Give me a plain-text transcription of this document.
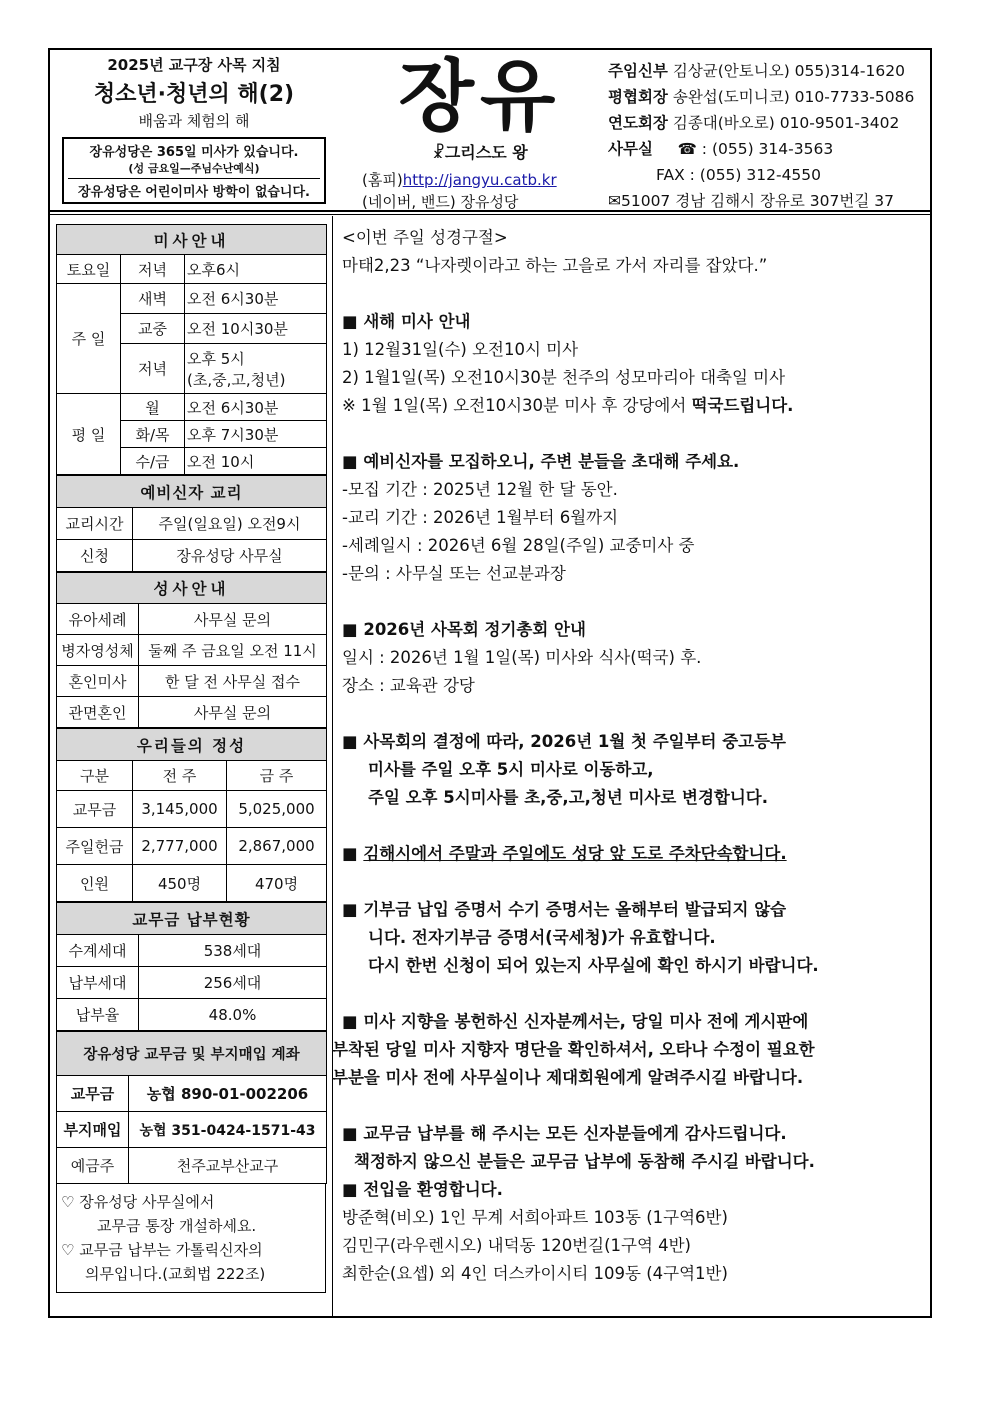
2025년 교구장 사목 지침
청소년·청년의 해(2)
배움과 체험의 해
장유성당은 365일 미사가 있습니다.
(성 금요일—주님수난예식)
장유성당은 어린이미사 방학이 없습니다.
장유
☧그리스도 왕
(홈피)http://jangyu.catb.kr
(네이버, 밴드) 장유성당
주임신부 김상균(안토니오) 055)314-1620
평협회장 송완섭(도미니코) 010-7733-5086
연도회장 김종대(바오로) 010-9501-3402
사무실 ☎ : (055) 314-3563
FAX : (055) 312-4550
✉51007 경남 김해시 장유로 307번길 37
미사안내		
토요일	저녁	오후6시
주 일	새벽	오전 6시30분
	교중	오전 10시30분
	저녁	오후 5시
(초,중,고,청년)

평 일	월	오전 6시30분
	화/목	오후 7시30분
	수/금	오전 10시
예비신자 교리	
교리시간	주일(일요일) 오전9시
신청	장유성당 사무실
성사안내	
유아세례	사무실 문의
병자영성체	둘째 주 금요일 오전 11시
혼인미사	한 달 전 사무실 접수
관면혼인	사무실 문의
우리들의 정성		
구분	전 주	금 주
교무금	3,145,000	5,025,000
주일헌금	2,777,000	2,867,000
인원	450명	470명
교무금 납부현황	
수계세대	538세대
납부세대	256세대
납부율	48.0%
장유성당 교무금 및 부지매입 계좌	
교무금	농협 890-01-002206
부지매입	농협 351-0424-1571-43
예금주	천주교부산교구
♡ 장유성당 사무실에서
교무금 통장 개설하세요.
♡ 교무금 납부는 가톨릭신자의
의무입니다.(교회법 222조)
<이번 주일 성경구절>
마태2,23 “나자렛이라고 하는 고을로 가서 자리를 잡았다.”
■ 새해 미사 안내
1) 12월31일(수) 오전10시 미사
2) 1월1일(목) 오전10시30분 천주의 성모마리아 대축일 미사
※ 1월 1일(목) 오전10시30분 미사 후 강당에서 떡국드립니다.
■ 예비신자를 모집하오니, 주변 분들을 초대해 주세요.
-모집 기간 : 2025년 12월 한 달 동안.
-교리 기간 : 2026년 1월부터 6월까지
-세례일시 : 2026년 6월 28일(주일) 교중미사 중
-문의 : 사무실 또는 선교분과장
■ 2026년 사목회 정기총회 안내
일시 : 2026년 1월 1일(목) 미사와 식사(떡국) 후.
장소 : 교육관 강당
■ 사목회의 결정에 따라, 2026년 1월 첫 주일부터 중고등부
미사를 주일 오후 5시 미사로 이동하고,
주일 오후 5시미사를 초,중,고,청년 미사로 변경합니다.
■ 김해시에서 주말과 주일에도 성당 앞 도로 주차단속합니다.
■ 기부금 납입 증명서 수기 증명서는 올해부터 발급되지 않습
니다. 전자기부금 증명서(국세청)가 유효합니다.
다시 한번 신청이 되어 있는지 사무실에 확인 하시기 바랍니다.
■ 미사 지향을 봉헌하신 신자분께서는, 당일 미사 전에 게시판에
부착된 당일 미사 지향자 명단을 확인하셔서, 오타나 수정이 필요한
부분을 미사 전에 사무실이나 제대회원에게 알려주시길 바랍니다.
■ 교무금 납부를 해 주시는 모든 신자분들에게 감사드립니다.
책정하지 않으신 분들은 교무금 납부에 동참해 주시길 바랍니다.
■ 전입을 환영합니다.
방준혁(비오) 1인 무계 서희아파트 103동 (1구역6반)
김민구(라우렌시오) 내덕동 120번길(1구역 4반)
최한순(요셉) 외 4인 더스카이시티 109동 (4구역1반)
